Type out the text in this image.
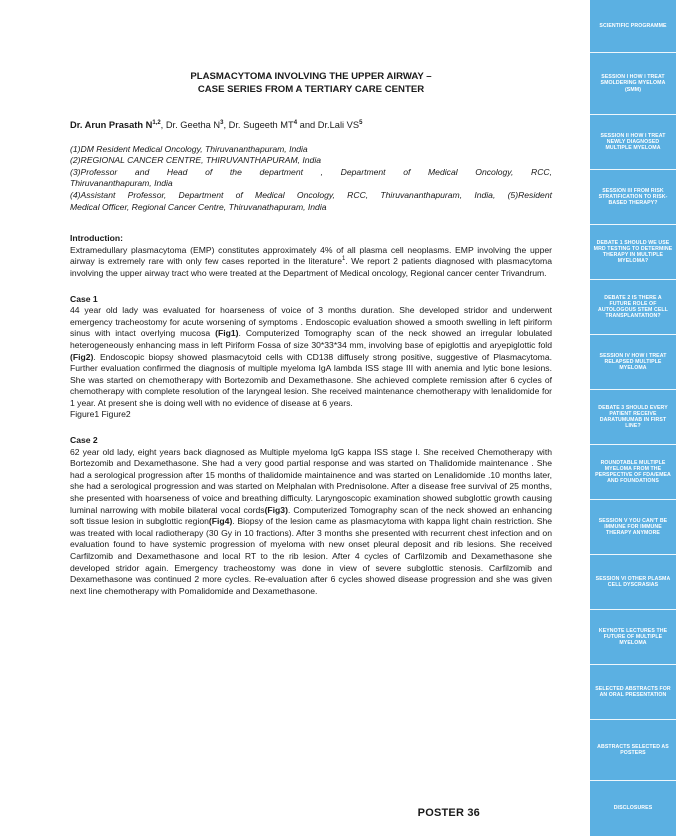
PLASMACYTOMA INVOLVING THE UPPER AIRWAY –
CASE SERIES FROM A TERTIARY CARE CENTER
Dr. Arun Prasath N$^{1,2}$, Dr. Geetha $N^3$, Dr. Sugeeth $MT^4$ and Dr.Lali $VS^5$

(1)DM Resident Medical Oncology, Thiruvananthapuram, India

(2)REGIONAL CANCER CENTRE, THIRUVANTHAPURAM, India

(3)Professor and Head of the department , Department of Medical Oncology, RCC,

Thiruvananthapuram, India

(4)Assistant Professor, Department of Medical Oncology, RCC, Thiruvananthapuram, India, (5)Resident

Medical Officer, Regional Cancer Centre, Thiruvanathapuram, India

Introduction:

Extramedullary plasmacytoma (EMP) constitutes approximately 4% of all plasma cell neoplasms. EMP involving the upper airway is extremely rare with only few cases reported in the literature$^1$. We report 2 patients diagnosed with plasmacytoma involving the upper airway tract who were treated at the Department of Medical oncology, Regional cancer center Trivandrum.

Case 1

44 year old lady was evaluated for hoarseness of voice of 3 months duration. She developed stridor and underwent emergency tracheostomy for acute worsening of symptoms . Endoscopic evaluation showed a smooth swelling in left piriform sinus with intact overlying mucosa (Fig1). Computerized Tomography scan of the neck showed an irregular lobulated heterogeneously enhancing mass in left Piriform Fossa of size 30*33*34 mm, involving base of epiglottis and aryepiglottic fold (Fig2). Endoscopic biopsy showed plasmacytoid cells with CD138 diffusely strong positive, suggestive of Plasmacytoma. Further evaluation confirmed the diagnosis of multiple myeloma IgA lambda ISS stage III with anemia and lytic bone lesions. She was started on chemotherapy with Bortezomib and Dexamethasone. She achieved complete remission after 6 cycles of chemotherapy with complete resolution of the laryngeal lesion. She received maintenance chemotherapy with lenalidomide for 1 year. At present she is doing well with no evidence of disease at 6 years.

Figure1 Figure2

Case 2

62 year old lady, eight years back diagnosed as Multiple myeloma IgG kappa ISS stage I. She received Chemotherapy with Bortezomib and Dexamethasone. She had a very good partial response and was started on Thalidomide maintenance . She had a serological progression after 15 months of thalidomide maintainence and was started on Lenalidomide .10 months later, she had a serological progression and was started on Melphalan with Prednisolone. After a disease free survival of 25 months, she presented with hoarseness of voice and breathing difficulty. Laryngoscopic examination showed subglottic growth causing luminal narrowing with mobile bilateral vocal cords(Fig3). Computerized Tomography scan of the neck showed an enhancing soft tissue lesion in subglottic region(Fig4). Biopsy of the lesion came as plasmacytoma with kappa light chain restriction. She was treated with local radiotherapy (30 Gy in 10 fractions). After 3 months she presented with recurrent chest infection and on evaluation found to have systemic progression of myeloma with new onset pleural deposit and rib lesions. She received Carfilzomib and Dexamethasone and local RT to the rib lesion. After 4 cycles of Carfilzomib and Dexamethasone she developed stridor again. Emergency tracheostomy was done in view of severe subglottic stenosis. Carfilzomib and Dexamethasone was continued 2 more cycles. Re-evaluation after 6 cycles showed disease progression and she was given next line chemotherapy with Pomalidomide and Dexamethasone.

POSTER 36
SCIENTIFIC PROGRAMME
SESSION I HOW I TREAT SMOLDERING MYELOMA (SMM)
SESSION II HOW I TREAT NEWLY DIAGNOSED MULTIPLE MYELOMA
SESSION III FROM RISK STRATIFICATION TO RISK-BASED THERAPY?
DEBATE 1 SHOULD WE USE MRD TESTING TO DETERMINE THERAPY IN MULTIPLE MYELOMA?
DEBATE 2 IS THERE A FUTURE ROLE OF AUTOLOGOUS STEM CELL TRANSPLANTATION?
SESSION IV HOW I TREAT RELAPSED MULTIPLE MYELOMA
DEBATE 3 SHOULD EVERY PATIENT RECEIVE DARATUMUMAB IN FIRST LINE?
ROUNDTABLE MULTIPLE MYELOMA FROM THE PERSPECTIVE OF FDA/EMEA AND FOUNDATIONS
SESSION V YOU CAN'T BE IMMUNE FOR IMMUNE THERAPY ANYMORE
SESSION VI OTHER PLASMA CELL DYSCRASIAS
KEYNOTE LECTURES THE FUTURE OF MULTIPLE MYELOMA
SELECTED ABSTRACTS FOR AN ORAL PRESENTATION
ABSTRACTS SELECTED AS POSTERS
DISCLOSURES
